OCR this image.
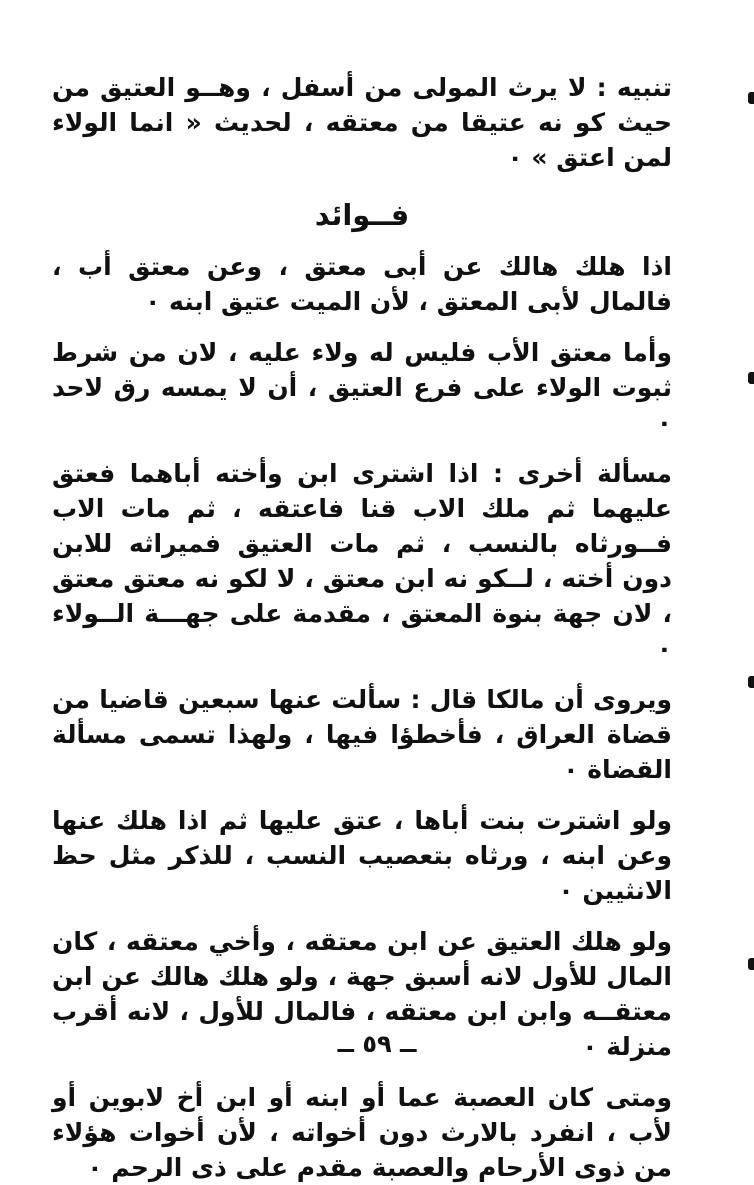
تنبيه : لا يرث المولى من أسفل ، وهــو العتيق من حيث كو نه عتيقا من معتقه ، لحديث « انما الولاء لمن اعتق » ٠

فــوائد

اذا هلك هالك عن أبى معتق ، وعن معتق أب ، فالمال لأبى المعتق ، لأن الميت عتيق ابنه ٠

وأما معتق الأب فليس له ولاء عليه ، لان من شرط ثبوت الولاء على فرع العتيق ، أن لا يمسه رق لاحد ٠

مسألة أخرى : اذا اشترى ابن وأخته أباهما فعتق عليهما ثم ملك الاب قنا فاعتقه ، ثم مات الاب فــورثاه بالنسب ، ثم مات العتيق فميراثه للابن دون أخته ، لــكو نه ابن معتق ، لا لكو نه معتق معتق ، لان جهة بنوة المعتق ، مقدمة على جهـــة الــولاء ٠

ويروى أن مالكا قال : سألت عنها سبعين قاضيا من قضاة العراق ، فأخطؤا فيها ، ولهذا تسمى مسألة القضاة ٠

ولو اشترت بنت أباها ، عتق عليها ثم اذا هلك عنها وعن ابنه ، ورثاه بتعصيب النسب ، للذكر مثل حظ الانثيين ٠

ولو هلك العتيق عن ابن معتقه ، وأخي معتقه ، كان المال للأول لانه أسبق جهة ، ولو هلك هالك عن ابن معتقــه وابن ابن معتقه ، فالمال للأول ، لانه أقرب منزلة ٠

ومتى كان العصبة عما أو ابنه أو ابن أخ لابوين أو لأب ، انفرد بالارث دون أخواته ، لأن أخوات هؤلاء من ذوى الأرحام والعصبة مقدم على ذى الرحم ٠

ــ ٥٩ ــ
